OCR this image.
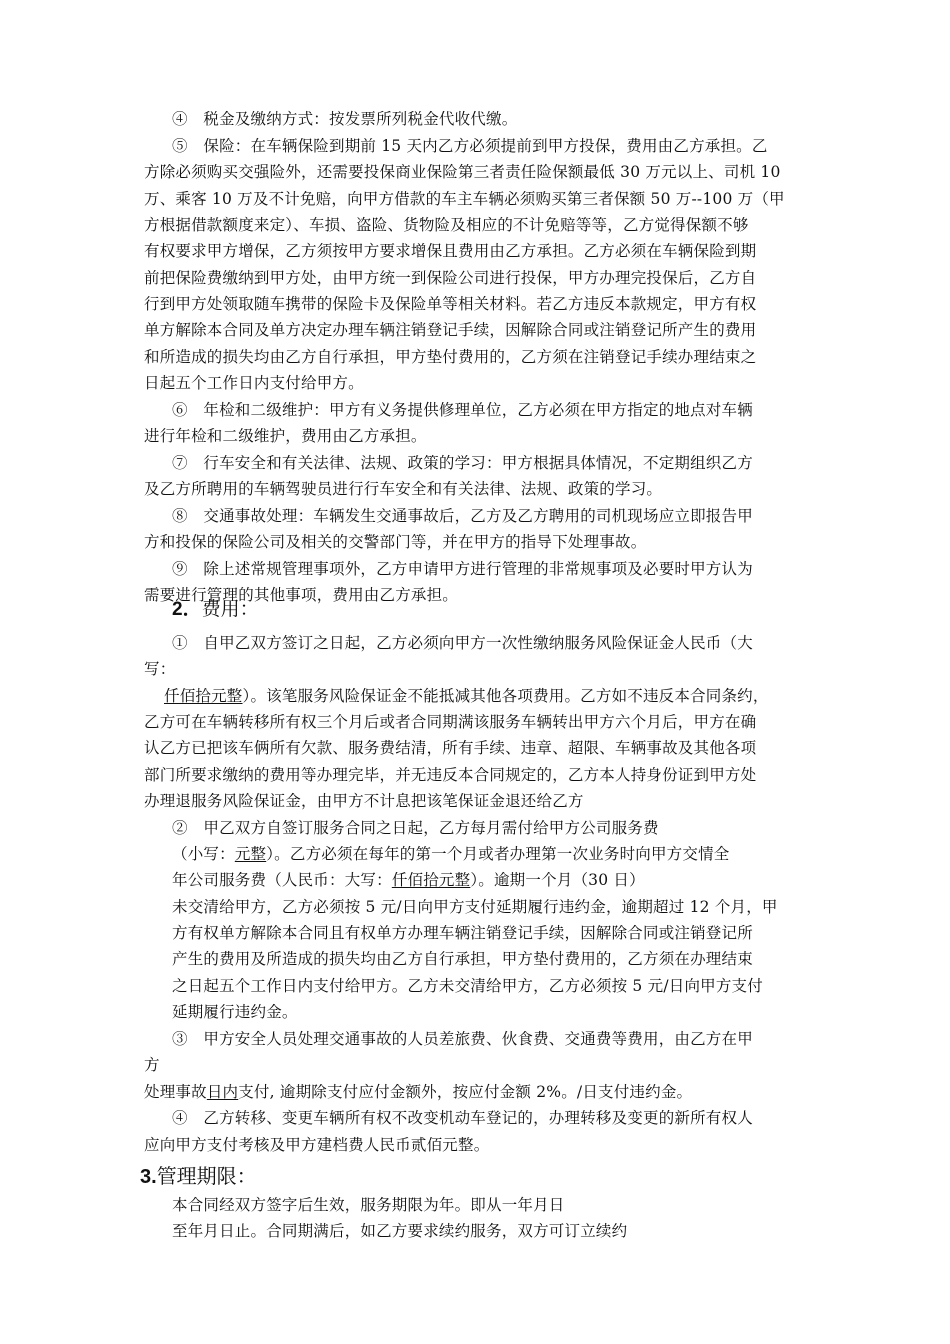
④　税金及缴纳方式：按发票所列税金代收代缴。
⑤　保险：在车辆保险到期前 15 天内乙方必须提前到甲方投保，费用由乙方承担。乙
方除必须购买交强险外，还需要投保商业保险第三者责任险保额最低 30 万元以上、司机 10
万、乘客 10 万及不计免赔，向甲方借款的车主车辆必须购买第三者保额 50 万--100 万（甲
方根据借款额度来定）、车损、盗险、货物险及相应的不计免赔等等，乙方觉得保额不够
有权要求甲方增保，乙方须按甲方要求增保且费用由乙方承担。乙方必须在车辆保险到期
前把保险费缴纳到甲方处，由甲方统一到保险公司进行投保，甲方办理完投保后，乙方自
行到甲方处领取随车携带的保险卡及保险单等相关材料。若乙方违反本款规定，甲方有权
单方解除本合同及单方决定办理车辆注销登记手续，因解除合同或注销登记所产生的费用
和所造成的损失均由乙方自行承担，甲方垫付费用的，乙方须在注销登记手续办理结束之
日起五个工作日内支付给甲方。
⑥　年检和二级维护：甲方有义务提供修理单位，乙方必须在甲方指定的地点对车辆
进行年检和二级维护，费用由乙方承担。
⑦　行车安全和有关法律、法规、政策的学习：甲方根据具体情况，不定期组织乙方
及乙方所聘用的车辆驾驶员进行行车安全和有关法律、法规、政策的学习。
⑧　交通事故处理：车辆发生交通事故后，乙方及乙方聘用的司机现场应立即报告甲
方和投保的保险公司及相关的交警部门等，并在甲方的指导下处理事故。
⑨　除上述常规管理事项外，乙方申请甲方进行管理的非常规事项及必要时甲方认为
需要进行管理的其他事项，费用由乙方承担。
2．费用：
①　自甲乙双方签订之日起，乙方必须向甲方一次性缴纳服务风险保证金人民币（大
写：
仟佰拾元整）。该笔服务风险保证金不能抵减其他各项费用。乙方如不违反本合同条约，
乙方可在车辆转移所有权三个月后或者合同期满该服务车辆转出甲方六个月后，甲方在确
认乙方已把该车俩所有欠款、服务费结清，所有手续、违章、超限、车辆事故及其他各项
部门所要求缴纳的费用等办理完毕，并无违反本合同规定的，乙方本人持身份证到甲方处
办理退服务风险保证金，由甲方不计息把该笔保证金退还给乙方
②　甲乙双方自签订服务合同之日起，乙方每月需付给甲方公司服务费
（小写：元整）。乙方必须在每年的第一个月或者办理第一次业务时向甲方交情全
年公司服务费（人民币：大写：仟佰拾元整）。逾期一个月（30 日）
未交清给甲方，乙方必须按 5 元/日向甲方支付延期履行违约金，逾期超过 12 个月，甲
方有权单方解除本合同且有权单方办理车辆注销登记手续，因解除合同或注销登记所
产生的费用及所造成的损失均由乙方自行承担，甲方垫付费用的，乙方须在办理结束
之日起五个工作日内支付给甲方。乙方未交清给甲方，乙方必须按 5 元/日向甲方支付
延期履行违约金。
③　甲方安全人员处理交通事故的人员差旅费、伙食费、交通费等费用，由乙方在甲
方
处理事故日内支付, 逾期除支付应付金额外，按应付金额 2%。/日支付违约金。
④　乙方转移、变更车辆所有权不改变机动车登记的，办理转移及变更的新所有权人
应向甲方支付考核及甲方建档费人民币贰佰元整。
3.管理期限：
本合同经双方签字后生效，服务期限为年。即从一年月日
至年月日止。合同期满后，如乙方要求续约服务，双方可订立续约
